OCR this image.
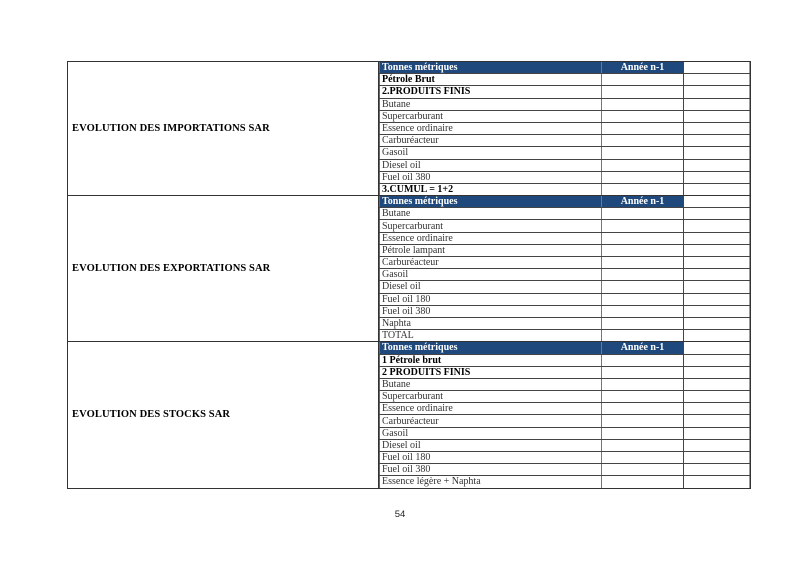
EVOLUTION DES IMPORTATIONS SAR	
Tonnes métriques	Année n-1	
Pétrole Brut		
2.PRODUITS FINIS		
Butane		
Supercarburant		
Essence ordinaire		
Carburéacteur		
Gasoil		
Diesel oil		
Fuel oil 380		
3.CUMUL = 1+2		

EVOLUTION DES EXPORTATIONS SAR	
Tonnes métriques	Année n-1	
Butane		
Supercarburant		
Essence ordinaire		
Pétrole lampant		
Carburéacteur		
Gasoil		
Diesel oil		
Fuel oil 180		
Fuel oil 380		
Naphta		
TOTAL		

EVOLUTION DES STOCKS SAR	
Tonnes métriques	Année n-1	
1 Pétrole brut		
2 PRODUITS FINIS		
Butane		
Supercarburant		
Essence ordinaire		
Carburéacteur		
Gasoil		
Diesel oil		
Fuel oil 180		
Fuel oil 380		
Essence légère + Naphta		
54
